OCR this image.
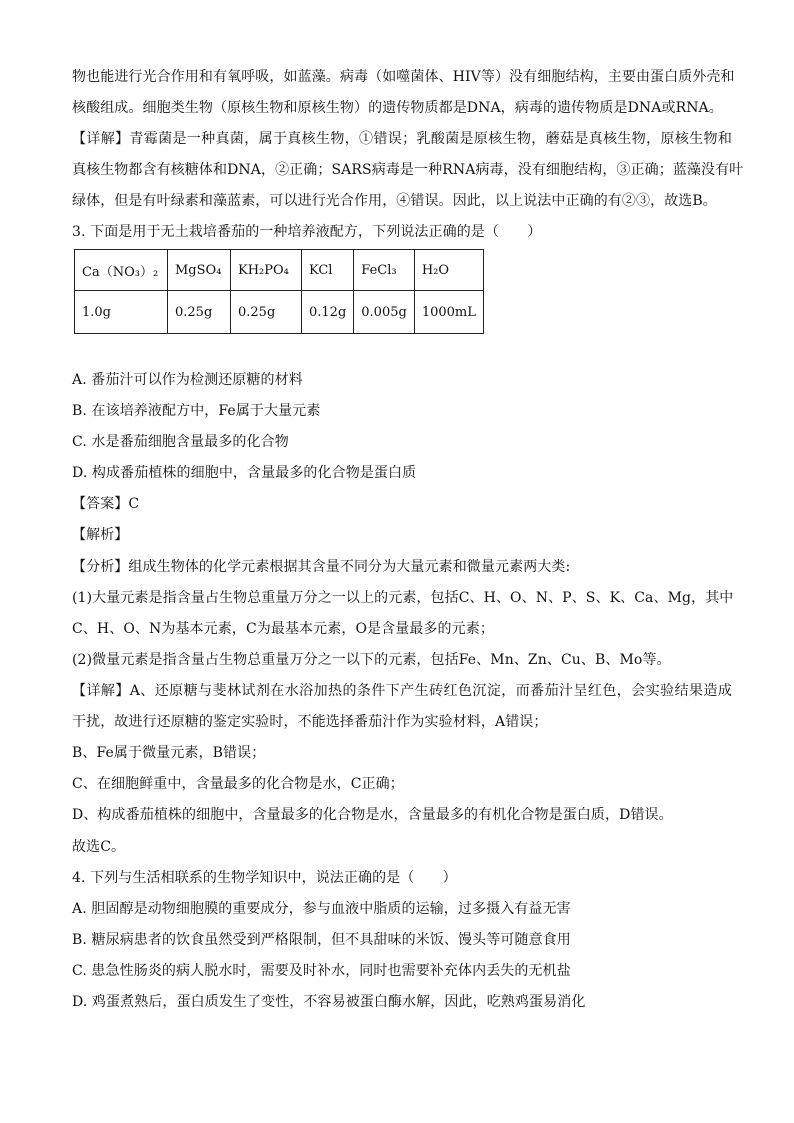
物也能进行光合作用和有氧呼吸，如蓝藻。病毒（如噬菌体、HIV等）没有细胞结构，主要由蛋白质外壳和
核酸组成。细胞类生物（原核生物和原核生物）的遗传物质都是DNA，病毒的遗传物质是DNA或RNA。
【详解】青霉菌是一种真菌，属于真核生物，①错误；乳酸菌是原核生物，蘑菇是真核生物，原核生物和
真核生物都含有核糖体和DNA，②正确；SARS病毒是一种RNA病毒，没有细胞结构，③正确；蓝藻没有叶
绿体，但是有叶绿素和藻蓝素，可以进行光合作用，④错误。因此，以上说法中正确的有②③，故选B。
3. 下面是用于无土栽培番茄的一种培养液配方，下列说法正确的是（　　）
Ca（NO₃）₂	MgSO₄	KH₂PO₄	KCl	FeCl₃	H₂O
1.0g	0.25g	0.25g	0.12g	0.005g	1000mL
A. 番茄汁可以作为检测还原糖的材料
B. 在该培养液配方中，Fe属于大量元素
C. 水是番茄细胞含量最多的化合物
D. 构成番茄植株的细胞中，含量最多的化合物是蛋白质
【答案】C
【解析】
【分析】组成生物体的化学元素根据其含量不同分为大量元素和微量元素两大类:
(1)大量元素是指含量占生物总重量万分之一以上的元素，包括C、H、O、N、P、S、K、Ca、Mg，其中
C、H、O、N为基本元素，C为最基本元素，O是含量最多的元素；
(2)微量元素是指含量占生物总重量万分之一以下的元素，包括Fe、Mn、Zn、Cu、B、Mo等。
【详解】A、还原糖与斐林试剂在水浴加热的条件下产生砖红色沉淀，而番茄汁呈红色，会实验结果造成
干扰，故进行还原糖的鉴定实验时，不能选择番茄汁作为实验材料，A错误；
B、Fe属于微量元素，B错误；
C、在细胞鲜重中，含量最多的化合物是水，C正确；
D、构成番茄植株的细胞中，含量最多的化合物是水，含量最多的有机化合物是蛋白质，D错误。
故选C。
4. 下列与生活相联系的生物学知识中，说法正确的是（　　）
A. 胆固醇是动物细胞膜的重要成分，参与血液中脂质的运输，过多摄入有益无害
B. 糖尿病患者的饮食虽然受到严格限制，但不具甜味的米饭、馒头等可随意食用
C. 患急性肠炎的病人脱水时，需要及时补水，同时也需要补充体内丢失的无机盐
D. 鸡蛋煮熟后，蛋白质发生了变性，不容易被蛋白酶水解，因此，吃熟鸡蛋易消化
